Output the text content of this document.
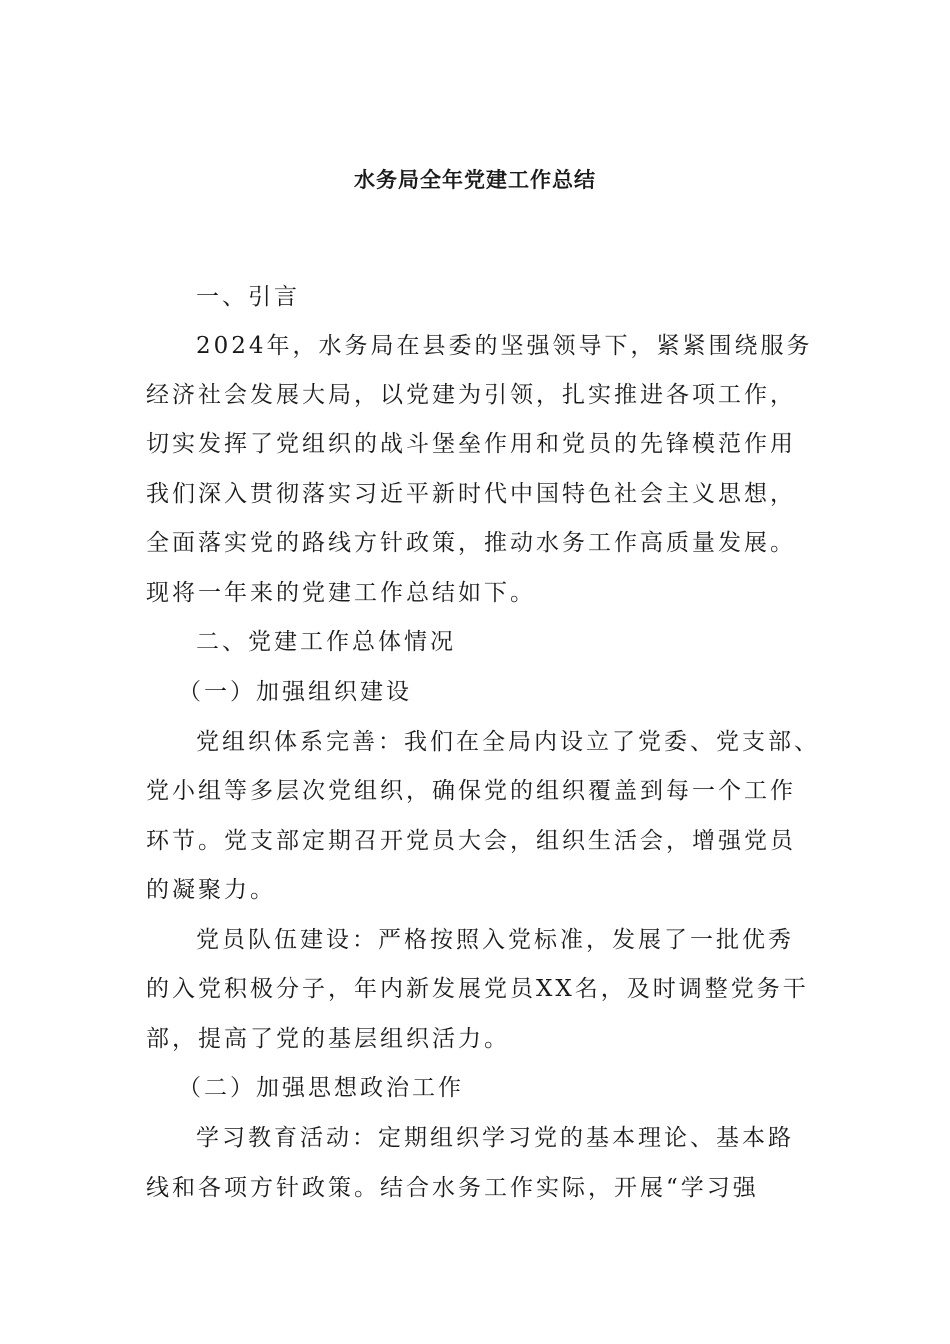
水务局全年党建工作总结
一、引言
2024年，水务局在县委的坚强领导下，紧紧围绕服务
经济社会发展大局，以党建为引领，扎实推进各项工作，
切实发挥了党组织的战斗堡垒作用和党员的先锋模范作用
我们深入贯彻落实习近平新时代中国特色社会主义思想，
全面落实党的路线方针政策，推动水务工作高质量发展。
现将一年来的党建工作总结如下。
二、党建工作总体情况
（一）加强组织建设
党组织体系完善：我们在全局内设立了党委、党支部、
党小组等多层次党组织，确保党的组织覆盖到每一个工作
环节。党支部定期召开党员大会，组织生活会，增强党员
的凝聚力。
党员队伍建设：严格按照入党标准，发展了一批优秀
的入党积极分子，年内新发展党员XX名，及时调整党务干
部，提高了党的基层组织活力。
（二）加强思想政治工作
学习教育活动：定期组织学习党的基本理论、基本路
线和各项方针政策。结合水务工作实际，开展“学习强
